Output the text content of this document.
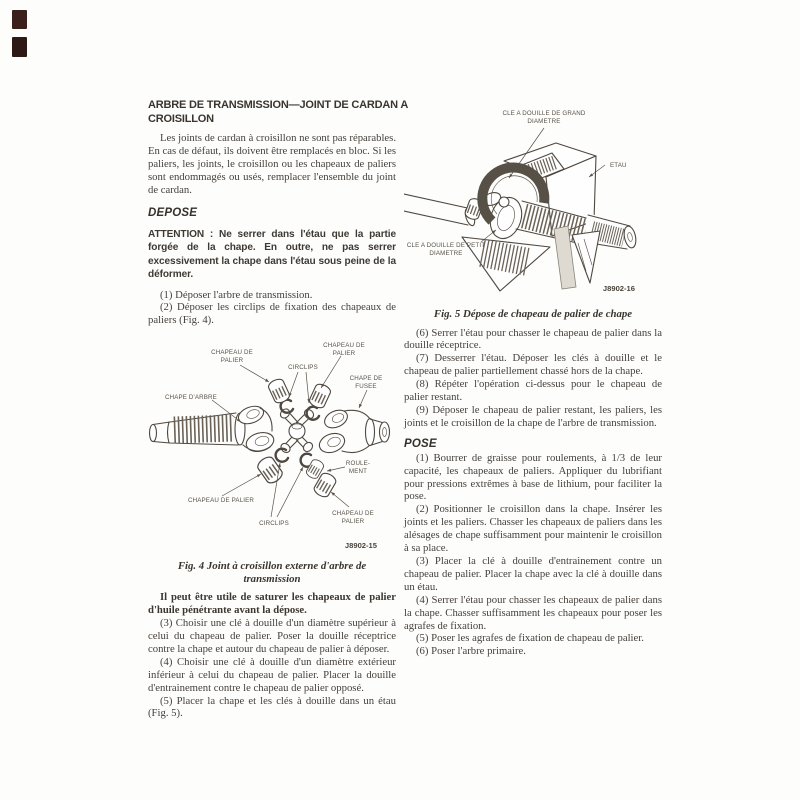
ARBRE DE TRANSMISSION—JOINT DE CARDAN A
CROISILLON

Les joints de cardan à croisillon ne sont pas réparables. En cas de défaut, ils doivent être remplacés en bloc. Si les paliers, les joints, le croisillon ou les chapeaux de paliers sont endommagés ou usés, remplacer l'ensemble du joint de cardan.

DEPOSE

ATTENTION : Ne serrer dans l'étau que la partie forgée de la chape. En outre, ne pas serrer excessivement la chape dans l'étau sous peine de la déformer.

(1) Déposer l'arbre de transmission.

(2) Déposer les circlips de fixation des chapeaux de paliers (Fig. 4).

CHAPEAU DE
PALIER
CIRCLIPS
CHAPEAU DE
PALIER
CHAPE DE
FUSEE
CHAPE D'ARBRE
CHAPEAU DE PALIER
CIRCLIPS
ROULE-
MENT
CHAPEAU DE
PALIER
J8902-15

Fig. 4 Joint à croisillon externe d'arbre de transmission

Il peut être utile de saturer les chapeaux de palier d'huile pénétrante avant la dépose.

(3) Choisir une clé à douille d'un diamètre supérieur à celui du chapeau de palier. Poser la douille réceptrice contre la chape et autour du chapeau de palier à déposer.

(4) Choisir une clé à douille d'un diamètre extérieur inférieur à celui du chapeau de palier. Placer la douille d'entrainement contre le chapeau de palier opposé.

(5) Placer la chape et les clés à douille dans un étau (Fig. 5).

CLE A DOUILLE DE GRAND
DIAMETRE
ETAU
CLE A DOUILLE DE PETIT
DIAMETRE
J8902-16

Fig. 5 Dépose de chapeau de palier de chape

(6) Serrer l'étau pour chasser le chapeau de palier dans la douille réceptrice.

(7) Desserrer l'étau. Déposer les clés à douille et le chapeau de palier partiellement chassé hors de la chape.

(8) Répéter l'opération ci-dessus pour le chapeau de palier restant.

(9) Déposer le chapeau de palier restant, les paliers, les joints et le croisillon de la chape de l'arbre de transmission.

POSE

(1) Bourrer de graisse pour roulements, à 1/3 de leur capacité, les chapeaux de paliers. Appliquer du lubrifiant pour pressions extrêmes à base de lithium, pour faciliter la pose.

(2) Positionner le croisillon dans la chape. Insérer les joints et les paliers. Chasser les chapeaux de paliers dans les alésages de chape suffisamment pour maintenir le croisillon à sa place.

(3) Placer la clé à douille d'entrainement contre un chapeau de palier. Placer la chape avec la clé à douille dans un étau.

(4) Serrer l'étau pour chasser les chapeaux de palier dans la chape. Chasser suffisamment les chapeaux pour poser les agrafes de fixation.

(5) Poser les agrafes de fixation de chapeau de palier.

(6) Poser l'arbre primaire.
